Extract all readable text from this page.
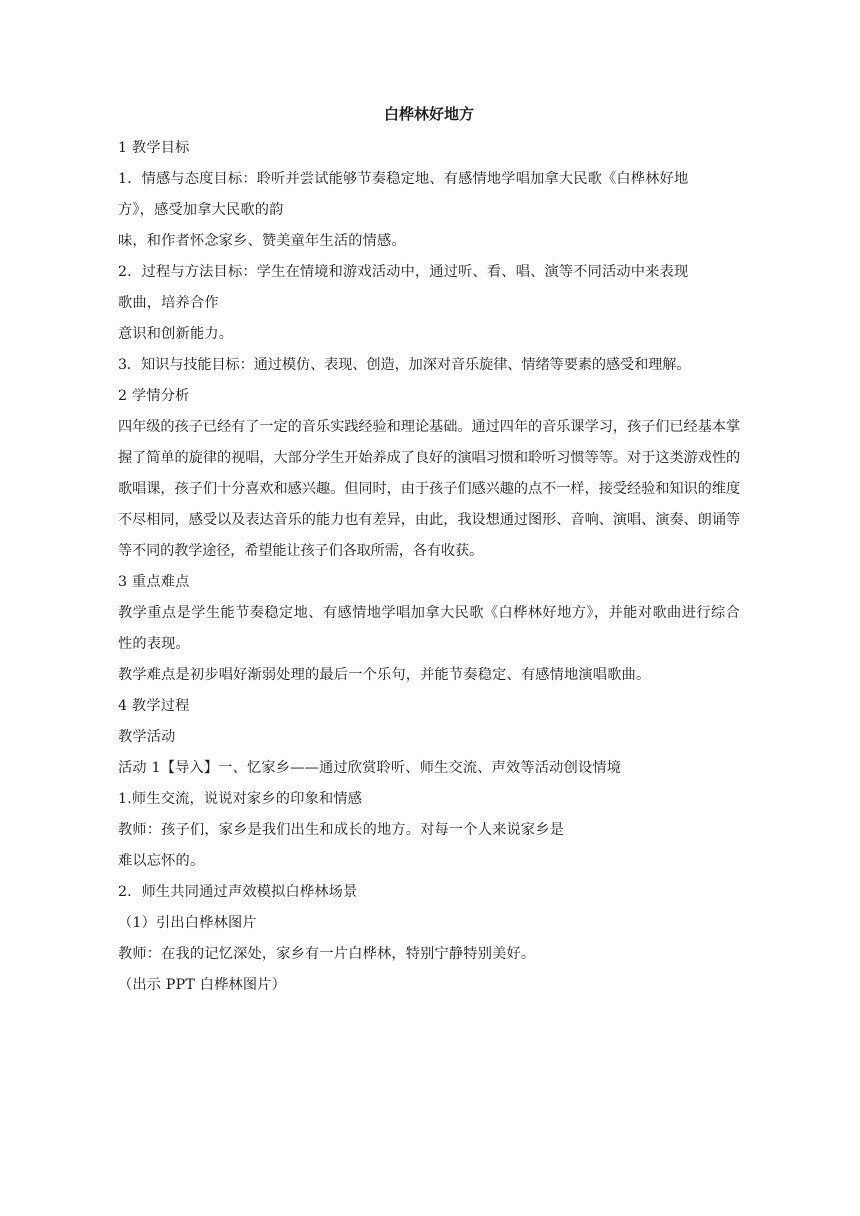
白桦林好地方
1 教学目标
1．情感与态度目标：聆听并尝试能够节奏稳定地、有感情地学唱加拿大民歌《白桦林好地
方》，感受加拿大民歌的韵
味，和作者怀念家乡、赞美童年生活的情感。
2．过程与方法目标：学生在情境和游戏活动中，通过听、看、唱、演等不同活动中来表现
歌曲，培养合作
意识和创新能力。
3．知识与技能目标：通过模仿、表现、创造，加深对音乐旋律、情绪等要素的感受和理解。
2 学情分析
四年级的孩子已经有了一定的音乐实践经验和理论基础。通过四年的音乐课学习，孩子们已经基本掌握了简单的旋律的视唱，大部分学生开始养成了良好的演唱习惯和聆听习惯等等。对于这类游戏性的歌唱课，孩子们十分喜欢和感兴趣。但同时，由于孩子们感兴趣的点不一样，接受经验和知识的维度不尽相同，感受以及表达音乐的能力也有差异，由此，我设想通过图形、音响、演唱、演奏、朗诵等等不同的教学途径，希望能让孩子们各取所需，各有收获。
3 重点难点
教学重点是学生能节奏稳定地、有感情地学唱加拿大民歌《白桦林好地方》，并能对歌曲进行综合性的表现。
教学难点是初步唱好渐弱处理的最后一个乐句，并能节奏稳定、有感情地演唱歌曲。
4 教学过程
教学活动
活动 1【导入】一、忆家乡——通过欣赏聆听、师生交流、声效等活动创设情境
1.师生交流，说说对家乡的印象和情感
教师：孩子们，家乡是我们出生和成长的地方。对每一个人来说家乡是
难以忘怀的。
2．师生共同通过声效模拟白桦林场景
（1）引出白桦林图片
教师：在我的记忆深处，家乡有一片白桦林，特别宁静特别美好。
（出示 PPT 白桦林图片）
